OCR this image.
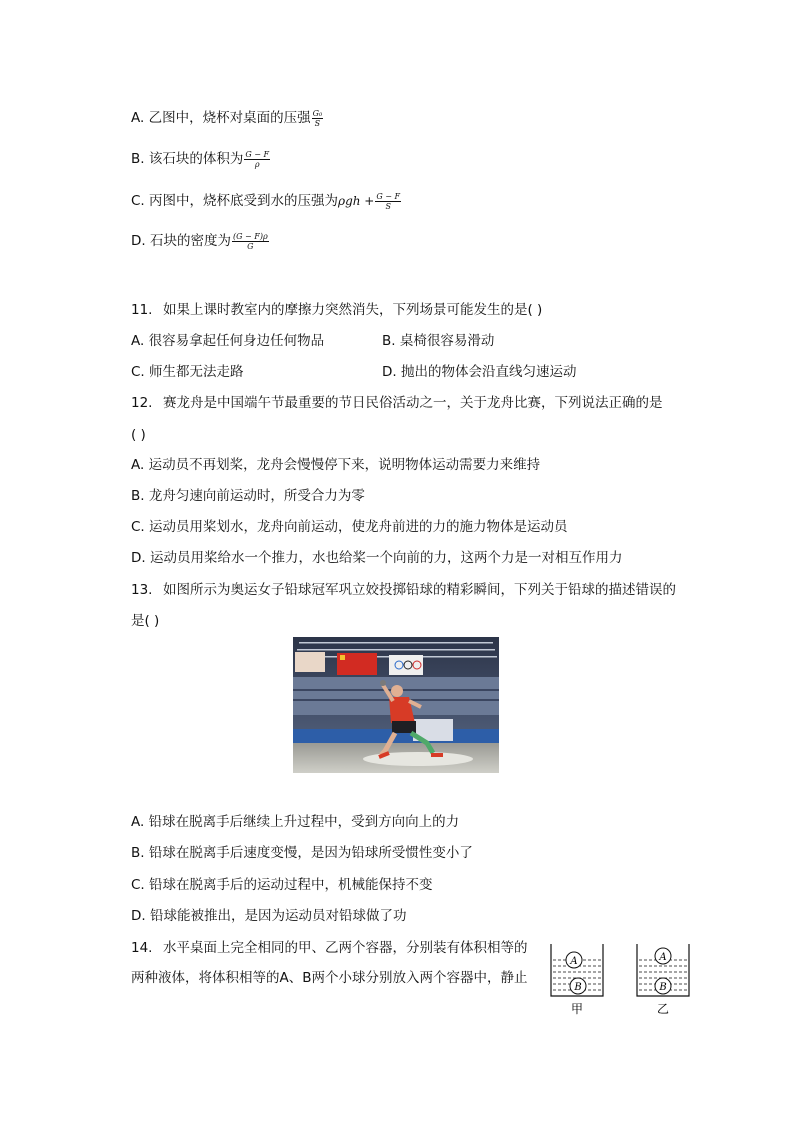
A. 乙图中，烧杯对桌面的压强 $\frac{\text{G₀}}{S}$
B. 该石块的体积为 $\frac{G - F}{\rho}$
C. 丙图中，烧杯底受到水的压强为$\rho gh + \frac{G - F}{S}$
D. 石块的密度为 $\frac{(G - F)\rho}{G}$
11. 如果上课时教室内的摩擦力突然消失，下列场景可能发生的是( )
A. 很容易拿起任何身边任何物品	B. 桌椅很容易滑动
C. 师生都无法走路	D. 抛出的物体会沿直线匀速运动
12. 赛龙舟是中国端午节最重要的节日民俗活动之一，关于龙舟比赛，下列说法正确的是
( )
A. 运动员不再划桨，龙舟会慢慢停下来，说明物体运动需要力来维持
B. 龙舟匀速向前运动时，所受合力为零
C. 运动员用桨划水，龙舟向前运动，使龙舟前进的力的施力物体是运动员
D. 运动员用桨给水一个推力，水也给桨一个向前的力，这两个力是一对相互作用力
13. 如图所示为奥运女子铅球冠军巩立姣投掷铅球的精彩瞬间，下列关于铅球的描述错误的
是( )
A. 铅球在脱离手后继续上升过程中，受到方向向上的力
B. 铅球在脱离手后速度变慢，是因为铅球所受惯性变小了
C. 铅球在脱离手后的运动过程中，机械能保持不变
D. 铅球能被推出，是因为运动员对铅球做了功
14. 水平桌面上完全相同的甲、乙两个容器，分别装有体积相等的
两种液体，将体积相等的A、B两个小球分别放入两个容器中，静止
A
B
甲
A
B
乙
